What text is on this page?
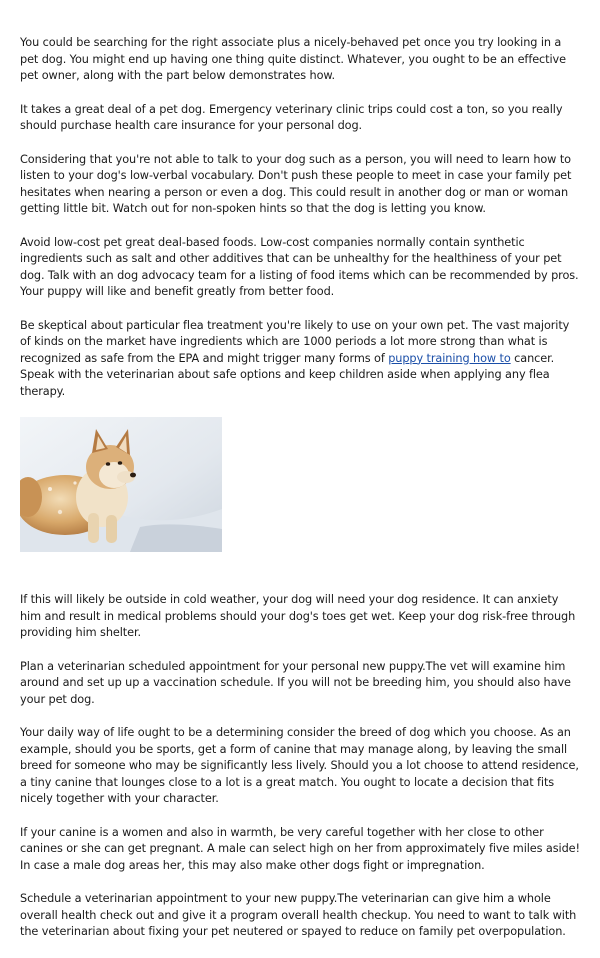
You could be searching for the right associate plus a nicely-behaved pet once you try looking in a pet dog. You might end up having one thing quite distinct. Whatever, you ought to be an effective pet owner, along with the part below demonstrates how.

It takes a great deal of a pet dog. Emergency veterinary clinic trips could cost a ton, so you really should purchase health care insurance for your personal dog.

Considering that you're not able to talk to your dog such as a person, you will need to learn how to listen to your dog's low-verbal vocabulary. Don't push these people to meet in case your family pet hesitates when nearing a person or even a dog. This could result in another dog or man or woman getting little bit. Watch out for non-spoken hints so that the dog is letting you know.

Avoid low-cost pet great deal-based foods. Low-cost companies normally contain synthetic ingredients such as salt and other additives that can be unhealthy for the healthiness of your pet dog. Talk with an dog advocacy team for a listing of food items which can be recommended by pros. Your puppy will like and benefit greatly from better food.

Be skeptical about particular flea treatment you're likely to use on your own pet. The vast majority of kinds on the market have ingredients which are 1000 periods a lot more strong than what is recognized as safe from the EPA and might trigger many forms of puppy training how to cancer. Speak with the veterinarian about safe options and keep children aside when applying any flea therapy.

If this will likely be outside in cold weather, your dog will need your dog residence. It can anxiety him and result in medical problems should your dog's toes get wet. Keep your dog risk-free through providing him shelter.

Plan a veterinarian scheduled appointment for your personal new puppy.The vet will examine him around and set up up a vaccination schedule. If you will not be breeding him, you should also have your pet dog.

Your daily way of life ought to be a determining consider the breed of dog which you choose. As an example, should you be sports, get a form of canine that may manage along, by leaving the small breed for someone who may be significantly less lively. Should you a lot choose to attend residence, a tiny canine that lounges close to a lot is a great match. You ought to locate a decision that fits nicely together with your character.

If your canine is a women and also in warmth, be very careful together with her close to other canines or she can get pregnant. A male can select high on her from approximately five miles aside! In case a male dog areas her, this may also make other dogs fight or impregnation.

Schedule a veterinarian appointment to your new puppy.The veterinarian can give him a whole overall health check out and give it a program overall health checkup. You need to want to talk with the veterinarian about fixing your pet neutered or spayed to reduce on family pet overpopulation.
